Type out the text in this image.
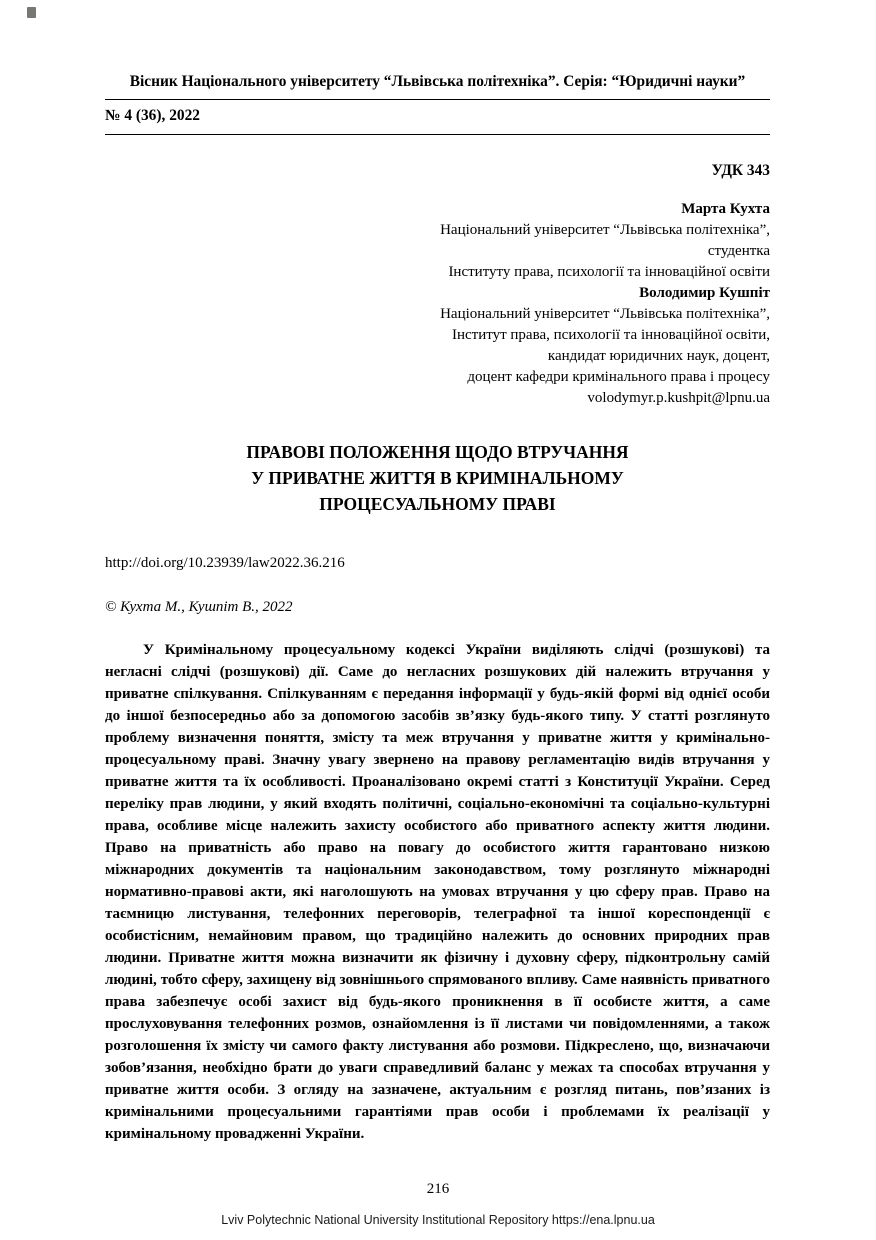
Вісник Національного університету “Львівська політехніка”. Серія: “Юридичні науки”
№ 4 (36), 2022
УДК 343
Марта Кухта
Національний університет “Львівська політехніка”,
студентка
Інституту права, психології та інноваційної освіти
Володимир Кушпіт
Національний університет “Львівська політехніка”,
Інститут права, психології та інноваційної освіти,
кандидат юридичних наук, доцент,
доцент кафедри кримінального права і процесу
volodymyr.p.kushpit@lpnu.ua
ПРАВОВІ ПОЛОЖЕННЯ ЩОДО ВТРУЧАННЯ
У ПРИВАТНЕ ЖИТТЯ В КРИМІНАЛЬНОМУ
ПРОЦЕСУАЛЬНОМУ ПРАВІ
http://doi.org/10.23939/law2022.36.216
© Кухта М., Кушпіт В., 2022

У Кримінальному процесуальному кодексі України виділяють слідчі (розшукові) та негласні слідчі (розшукові) дії. Саме до негласних розшукових дій належить втручання у приватне спілкування. Спілкуванням є передання інформації у будь-якій формі від однієї особи до іншої безпосередньо або за допомогою засобів зв’язку будь-якого типу. У статті розглянуто проблему визначення поняття, змісту та меж втручання у приватне життя у кримінально-процесуальному праві. Значну увагу звернено на правову регламентацію видів втручання у приватне життя та їх особливості. Проаналізовано окремі статті з Конституції України. Серед переліку прав людини, у який входять політичні, соціально-економічні та соціально-культурні права, особливе місце належить захисту особистого або приватного аспекту життя людини. Право на приватність або право на повагу до особистого життя гарантовано низкою міжнародних документів та національним законодавством, тому розглянуто міжнародні нормативно-правові акти, які наголошують на умовах втручання у цю сферу прав. Право на таємницю листування, телефонних переговорів, телеграфної та іншої кореспонденції є особистісним, немайновим правом, що традиційно належить до основних природних прав людини. Приватне життя можна визначити як фізичну і духовну сферу, підконтрольну самій людині, тобто сферу, захищену від зовнішнього спрямованого впливу. Саме наявність приватного права забезпечує особі захист від будь-якого проникнення в її особисте життя, а саме прослуховування телефонних розмов, ознайомлення із її листами чи повідомленнями, а також розголошення їх змісту чи самого факту листування або розмови. Підкреслено, що, визначаючи зобов’язання, необхідно брати до уваги справедливий баланс у межах та способах втручання у приватне життя особи. З огляду на зазначене, актуальним є розгляд питань, пов’язаних із кримінальними процесуальними гарантіями прав особи і проблемами їх реалізації у кримінальному провадженні України.

216
Lviv Polytechnic National University Institutional Repository https://ena.lpnu.ua
